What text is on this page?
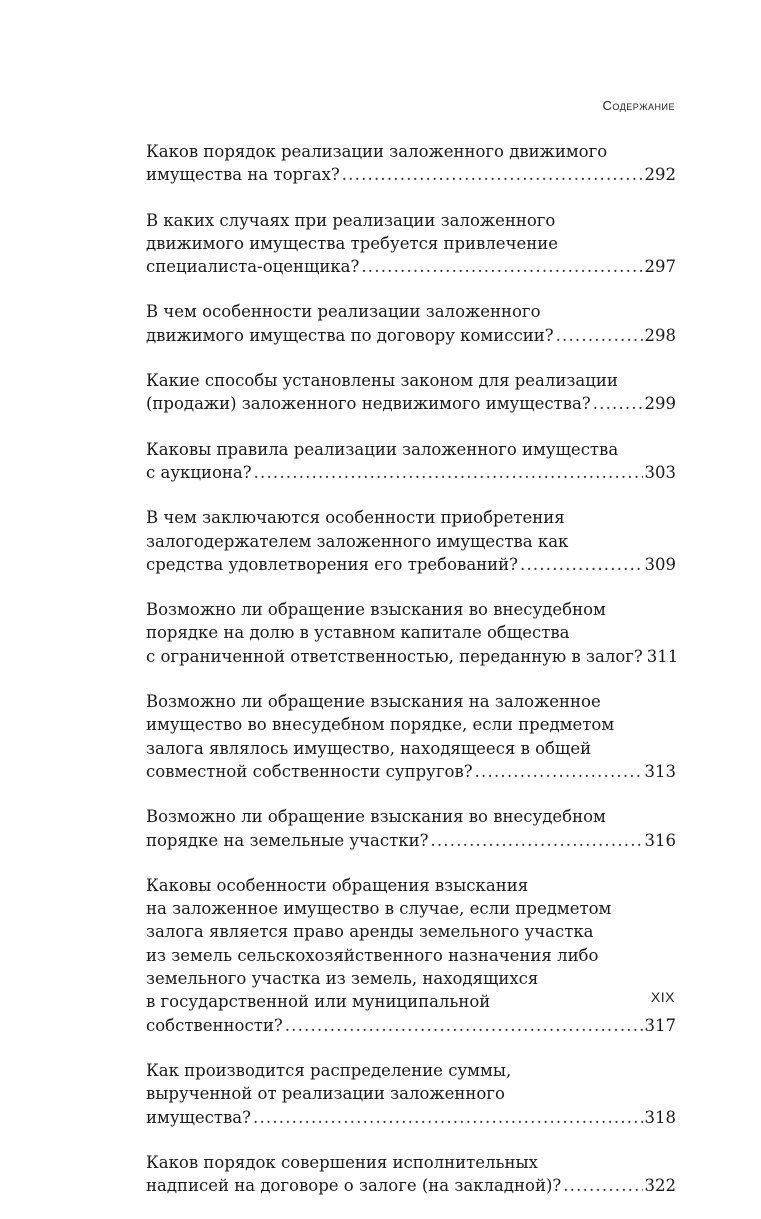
Содержание
Каков порядок реализации заложенного движимого
имущества на торгах? .....	292
В каких случаях при реализации заложенного
движимого имущества требуется привлечение
специалиста-оценщика? .....	297
В чем особенности реализации заложенного
движимого имущества по договору комиссии? .....	298
Какие способы установлены законом для реализации
(продажи) заложенного недвижимого имущества? .....	299
Каковы правила реализации заложенного имущества
с аукциона? .....	303
В чем заключаются особенности приобретения
залогодержателем заложенного имущества как
средства удовлетворения его требований? .....	309
Возможно ли обращение взыскания во внесудебном
порядке на долю в уставном капитале общества
с ограниченной ответственностью, переданную в залог? 311
Возможно ли обращение взыскания на заложенное
имущество во внесудебном порядке, если предметом
залога являлось имущество, находящееся в общей
совместной собственности супругов? .....	313
Возможно ли обращение взыскания во внесудебном
порядке на земельные участки? .....	316
Каковы особенности обращения взыскания
на заложенное имущество в случае, если предметом
залога является право аренды земельного участка
из земель сельскохозяйственного назначения либо
земельного участка из земель, находящихся
в государственной или муниципальной
собственности? .....	317
Как производится распределение суммы,
вырученной от реализации заложенного
имущества? .....	318
Каков порядок совершения исполнительных
надписей на договоре о залоге (на закладной)? .....	322
XIX
